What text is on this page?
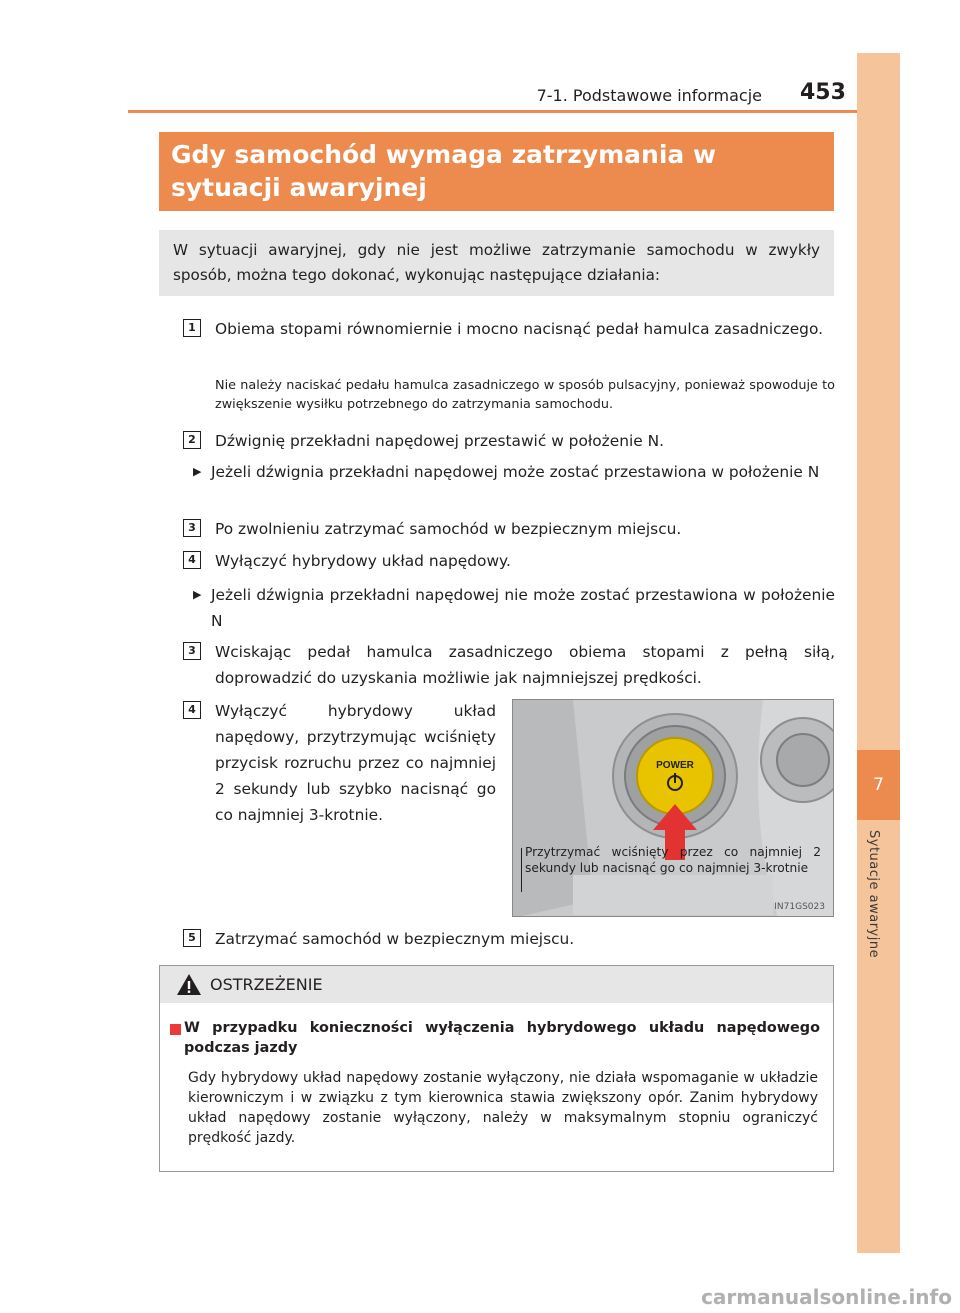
7
Sytuacje awaryjne
7-1. Podstawowe informacje 453
Gdy samochód wymaga zatrzymania w sytuacji awaryjnej
W sytuacji awaryjnej, gdy nie jest możliwe zatrzymanie samochodu w zwykły sposób, można tego dokonać, wykonując następujące działania:
1	Obiema stopami równomiernie i mocno nacisnąć pedał hamulca zasadniczego.
Nie należy naciskać pedału hamulca zasadniczego w sposób pulsacyjny, ponieważ spowoduje to zwiększenie wysiłku potrzebnego do zatrzymania samochodu.
2	Dźwignię przekładni napędowej przestawić w położenie N.
▶ Jeżeli dźwignia przekładni napędowej może zostać przestawiona w położenie N
3	Po zwolnieniu zatrzymać samochód w bezpiecznym miejscu.
4	Wyłączyć hybrydowy układ napędowy.
▶ Jeżeli dźwignia przekładni napędowej nie może zostać przestawiona w położenie N
3	Wciskając pedał hamulca zasadniczego obiema stopami z pełną siłą, doprowadzić do uzyskania możliwie jak najmniejszej prędkości.
4	Wyłączyć hybrydowy układ napędowy, przytrzymując wciśnięty przycisk rozruchu przez co najmniej 2 sekundy lub szybko nacisnąć go co najmniej 3-krotnie.
POWER
IN71GS023
Przytrzymać wciśnięty przez co najmniej 2 sekundy lub nacisnąć go co najmniej 3-krotnie
5	Zatrzymać samochód w bezpiecznym miejscu.
OSTRZEŻENIE
W przypadku konieczności wyłączenia hybrydowego układu napędowego podczas jazdy
Gdy hybrydowy układ napędowy zostanie wyłączony, nie działa wspomaganie w układzie kierowniczym i w związku z tym kierownica stawia zwiększony opór. Zanim hybrydowy układ napędowy zostanie wyłączony, należy w maksymalnym stopniu ograniczyć prędkość jazdy.
carmanualsonline.info
